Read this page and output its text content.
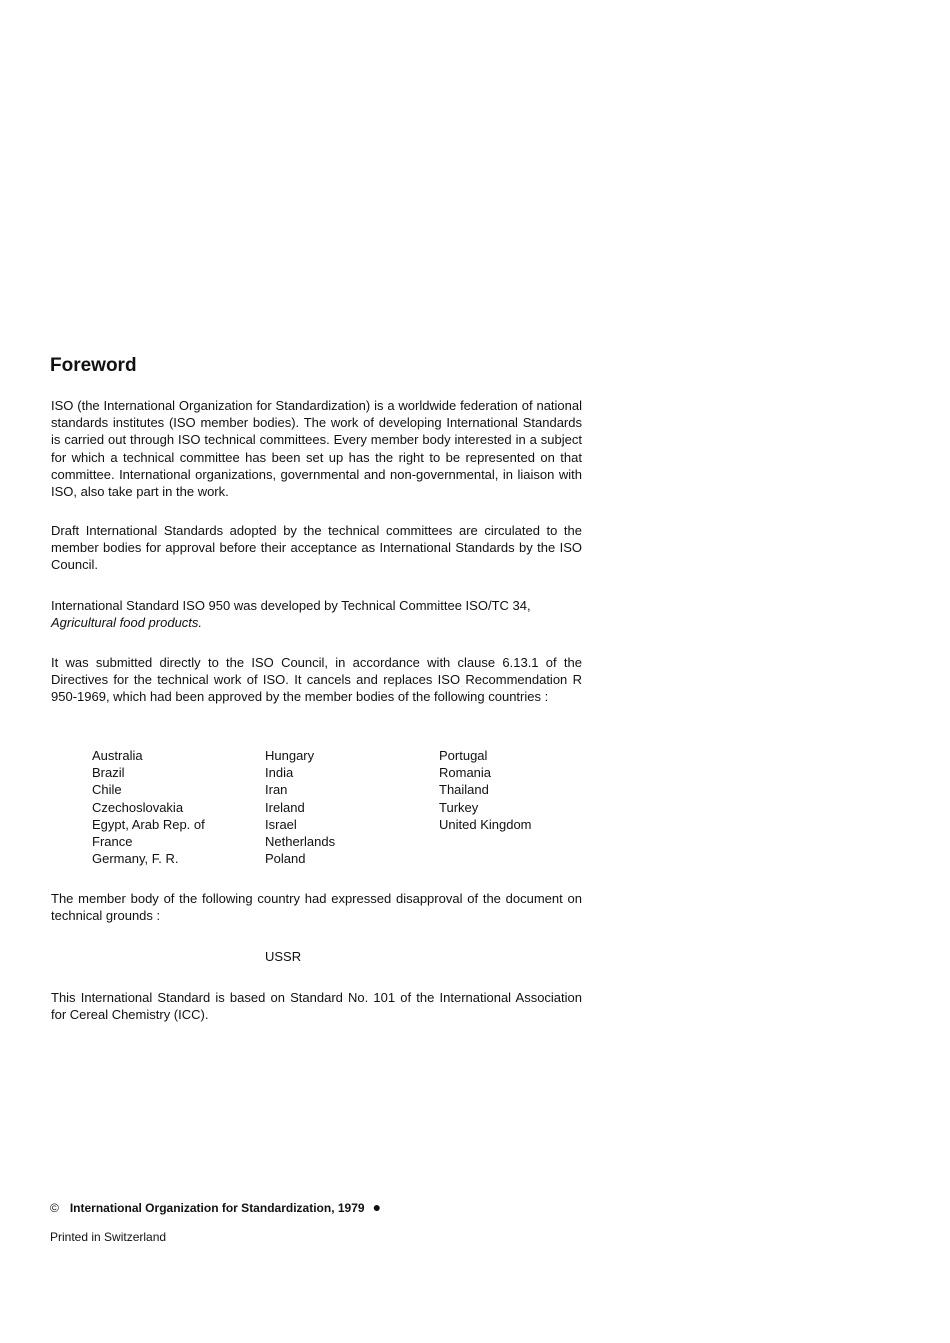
Foreword

ISO (the International Organization for Standardization) is a worldwide federation of national standards institutes (ISO member bodies). The work of developing International Standards is carried out through ISO technical committees. Every member body interested in a subject for which a technical committee has been set up has the right to be represented on that committee. International organizations, governmental and non-governmental, in liaison with ISO, also take part in the work.

Draft International Standards adopted by the technical committees are circulated to the member bodies for approval before their acceptance as International Standards by the ISO Council.

International Standard ISO 950 was developed by Technical Committee ISO/TC 34,
Agricultural food products.

It was submitted directly to the ISO Council, in accordance with clause 6.13.1 of the Directives for the technical work of ISO. It cancels and replaces ISO Recommendation R 950-1969, which had been approved by the member bodies of the following countries :

Australia
Brazil
Chile
Czechoslovakia
Egypt, Arab Rep. of
France
Germany, F. R.
Hungary
India
Iran
Ireland
Israel
Netherlands
Poland
Portugal
Romania
Thailand
Turkey
United Kingdom

The member body of the following country had expressed disapproval of the document on technical grounds :

USSR

This International Standard is based on Standard No. 101 of the International Association for Cereal Chemistry (ICC).

© International Organization for Standardization, 1979 ●
Printed in Switzerland
